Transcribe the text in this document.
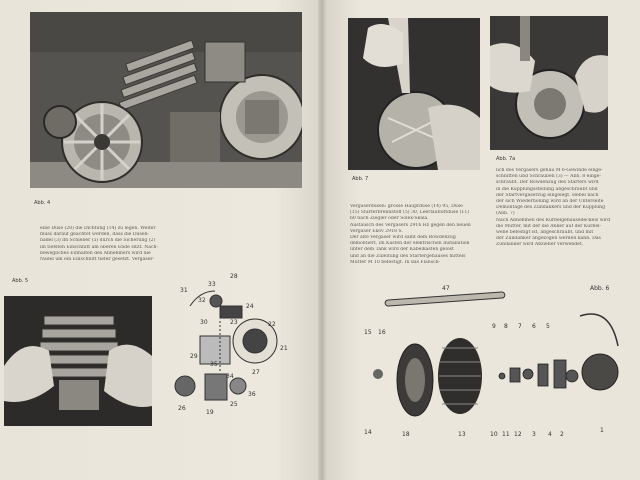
Abb. 4
eine Düse (20) die Dichtung (14) zu legen. Weiter
muss darauf geachtet werden, dass die Düsen-
nadel (3) im Schieber (5) durch die Sicherung (2)
im tiefsten Einschnitt am oberen Ende sitzt. Nach-
bewegliches Einhalten des Abnehmers wird die
Nadel um ein Einschnitt tiefer gesetzt. Vergaser-
Abb. 5
28
33
31
32
24
22
30	23
21
29
27
35
34
26
25
19
36
Abb. 7
Abb. 7a
lich des Vergasers genau M 6-Gewinde einge-
schnitten und Schrauben (3) — Abb. 8 einge-
schraubt. Der Bowdenzug des Starters wird
in die Kupplungsstellung abgeschraubt und
der Startvergaserzug eingelegt. Hebel nach
der sich Wiederholung wird an der Unterseite
Demontage des Zündankers und der Kupplung
(Abb. 7)
Nach Abnehmen des Kurbelgehäusedeckels wird
die Mutter, mit der die Anker auf der Kurbel-
welle befestigt ist, abgeschraubt, und mit
der Zündanker abgezogen werden kann. Das
Zündanker wird Abzieher verwendet.
Vergaserdüsen: grosse Hauptdüse (14) 95, Düse
(15) Starterbrennstoff (5) 30, Leerlaufluftdüse (11)
60 nach Ziegler oder Solex-Skala.
Austausch des Vergasers 2916 Hz gegen den neuen
Vergaser Ekov 2918 S.
Der alte Vergaser wird samt dem Bowdenzug
demontiert, im Kasten der elektrischen Installation
unter dem Tank wird der Kabelkasten gelöst
und an die Zuleitung des Startergehäuses mittels
Mutter M 10 befestigt. In das Flansch-
Abb. 6
47
15
14
16
18	13
9 8 7 6 5
4
3	2
1
10 11 12
